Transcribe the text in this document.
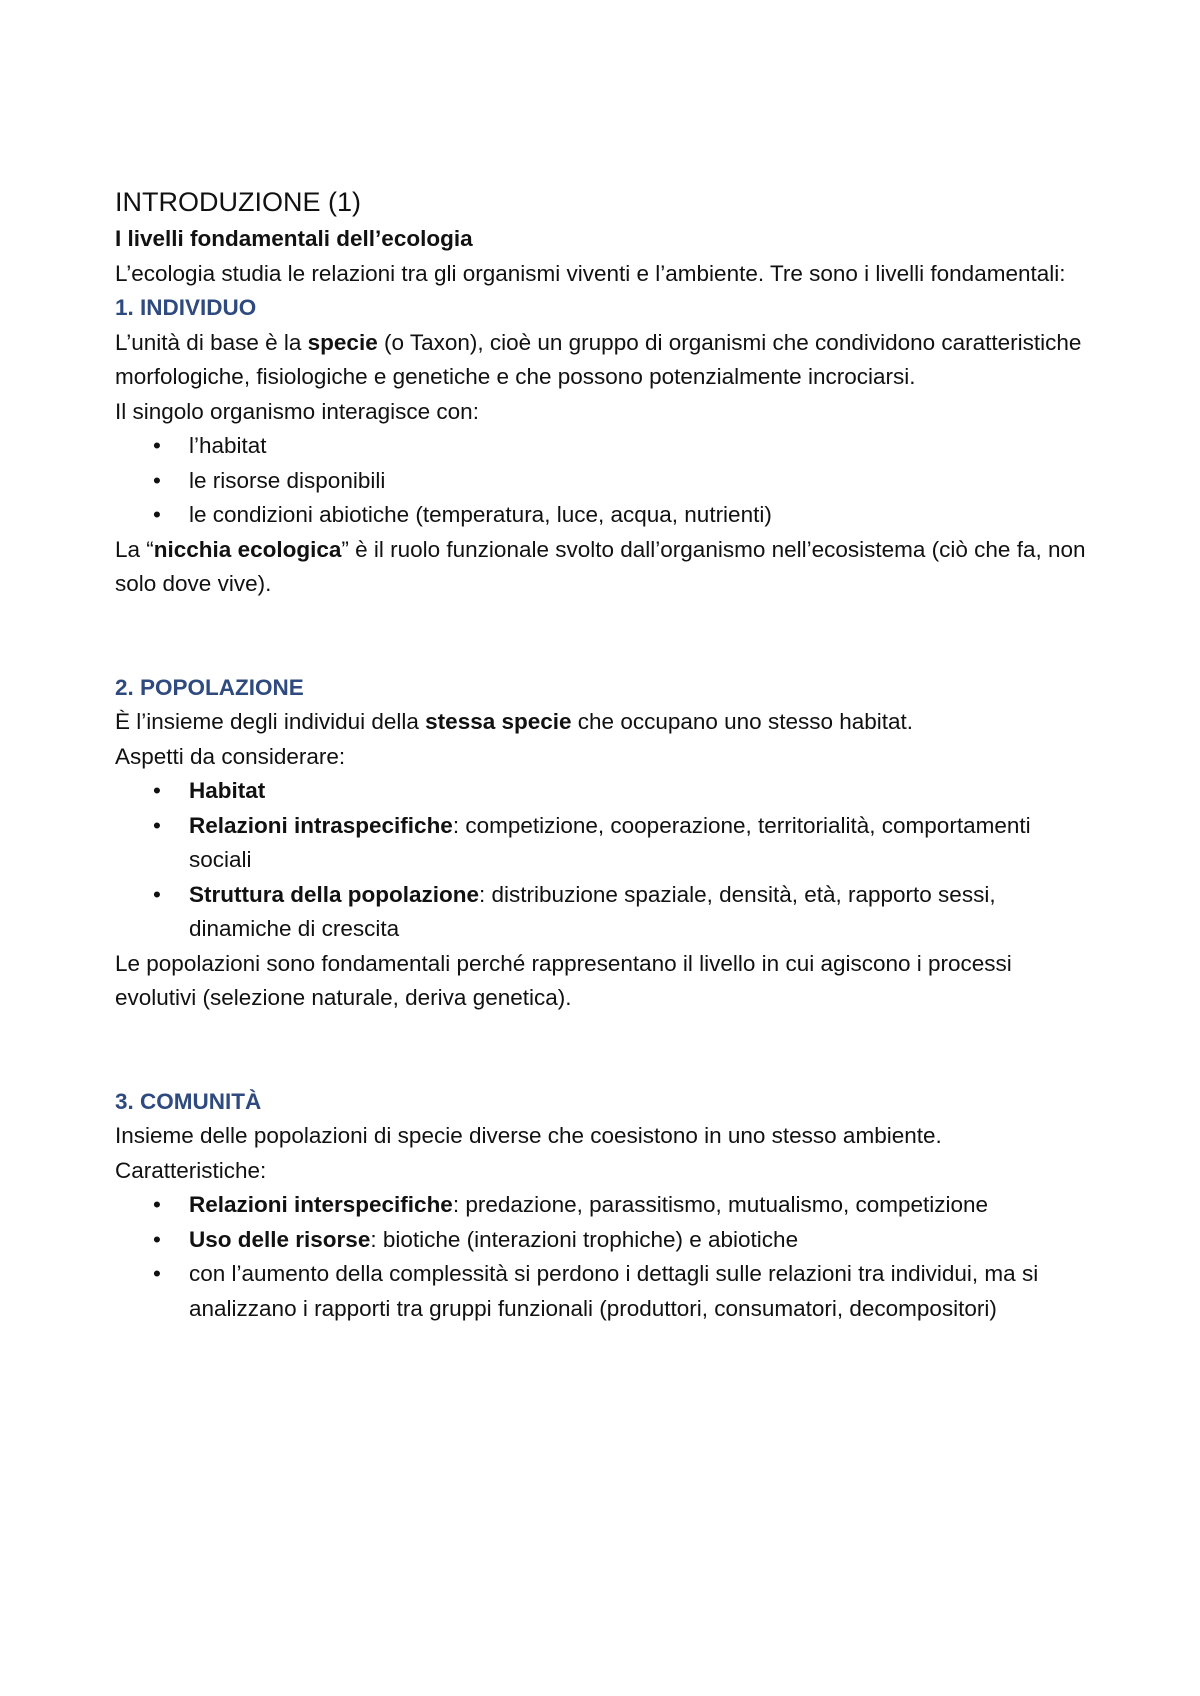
INTRODUZIONE (1)

I livelli fondamentali dell’ecologia

L’ecologia studia le relazioni tra gli organismi viventi e l’ambiente. Tre sono i livelli fondamentali:

1. INDIVIDUO

L’unità di base è la specie (o Taxon), cioè un gruppo di organismi che condividono caratteristiche morfologiche, fisiologiche e genetiche e che possono potenzialmente incrociarsi.

Il singolo organismo interagisce con:

• l’habitat
• le risorse disponibili
• le condizioni abiotiche (temperatura, luce, acqua, nutrienti)

La “nicchia ecologica” è il ruolo funzionale svolto dall’organismo nell’ecosistema (ciò che fa, non solo dove vive).

2. POPOLAZIONE

È l’insieme degli individui della stessa specie che occupano uno stesso habitat.

Aspetti da considerare:

• Habitat
• Relazioni intraspecifiche: competizione, cooperazione, territorialità, comportamenti sociali
• Struttura della popolazione: distribuzione spaziale, densità, età, rapporto sessi, dinamiche di crescita

Le popolazioni sono fondamentali perché rappresentano il livello in cui agiscono i processi evolutivi (selezione naturale, deriva genetica).

3. COMUNITÀ

Insieme delle popolazioni di specie diverse che coesistono in uno stesso ambiente.

Caratteristiche:

• Relazioni interspecifiche: predazione, parassitismo, mutualismo, competizione
• Uso delle risorse: biotiche (interazioni trophiche) e abiotiche
• con l’aumento della complessità si perdono i dettagli sulle relazioni tra individui, ma si analizzano i rapporti tra gruppi funzionali (produttori, consumatori, decompositori)
